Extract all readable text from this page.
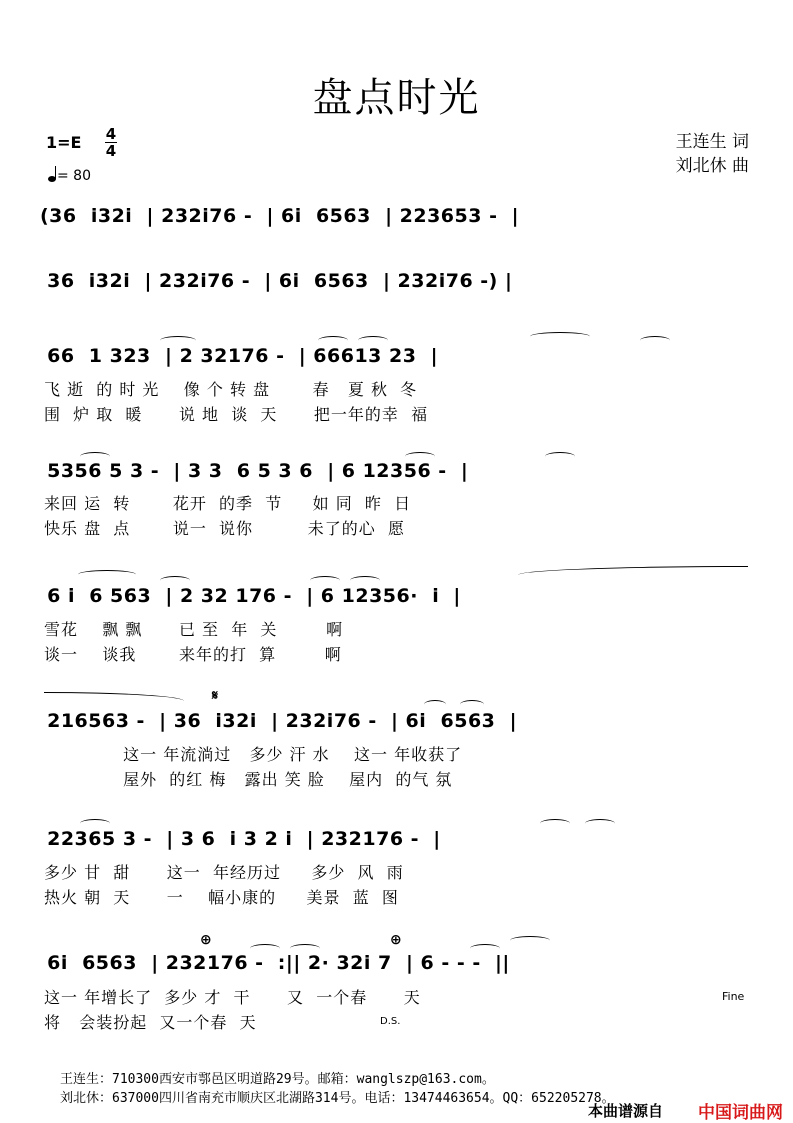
盘点时光
1=E 4
4
= 80
王连生 词
刘北休 曲
(36  i32i  | 232i76 -  | 6i  6563  | 223653 -  |
36  i32i  | 232i76 -  | 6i  6563  | 232i76 -) |
66  1 323  | 2 32176 -  | 66613 23  |
飞 逝  的 时 光    像 个 转 盘       春   夏 秋  冬
围  炉 取  暖      说 地  谈  天      把一年的幸  福
5356 5 3 -  | 3 3  6 5 3 6  | 6 12356 -  |
来回 运  转       花开  的季  节     如 同  昨  日
快乐 盘  点       说一  说你         未了的心  愿
6 i  6 563  | 2 32 176 -  | 6 12356·  i  |
雪花    飘 飘      已 至  年  关        啊
谈一    谈我       来年的打  算        啊
𝄋
216563 -  | 36  i32i  | 232i76 -  | 6i  6563  |
这一 年流淌过   多少 汗 水    这一 年收获了
屋外  的红 梅   露出 笑 脸    屋内  的气 氛
22365 3 -  | 3 6  i 3 2 i  | 232176 -  |
多少 甘  甜      这一  年经历过     多少  风  雨
热火 朝  天      一    幅小康的     美景  蓝  图
⊕	⊕
6i  6563  | 232176 -  :|| 2· 32i 7  | 6 - - -  ||
这一 年增长了  多少 才  干      又  一个春      天
将   会装扮起  又一个春  天
Fine
D.S.
王连生：710300西安市鄠邑区明道路29号。邮箱：wanglszp@163.com。
刘北休：637000四川省南充市顺庆区北湖路314号。电话：13474463654。QQ：652205278。
本曲谱源自 中国词曲网
